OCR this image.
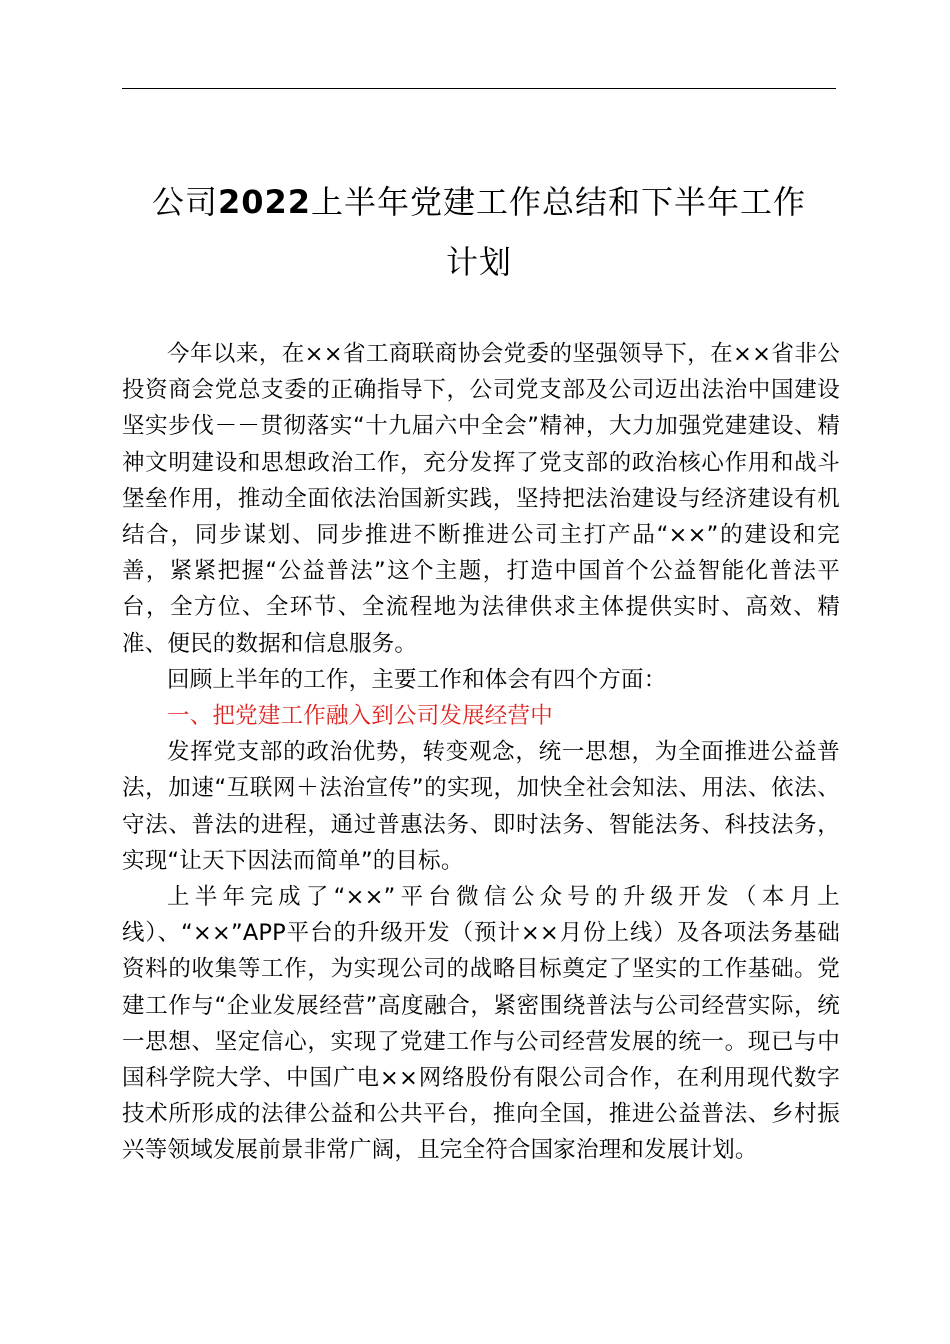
公司2022上半年党建工作总结和下半年工作
计划

今年以来，在××省工商联商协会党委的坚强领导下，在××省非公投资商会党总支委的正确指导下，公司党支部及公司迈出法治中国建设坚实步伐－－贯彻落实“十九届六中全会”精神，大力加强党建建设、精神文明建设和思想政治工作，充分发挥了党支部的政治核心作用和战斗堡垒作用，推动全面依法治国新实践，坚持把法治建设与经济建设有机结合，同步谋划、同步推进不断推进公司主打产品“××”的建设和完善，紧紧把握“公益普法”这个主题，打造中国首个公益智能化普法平台，全方位、全环节、全流程地为法律供求主体提供实时、高效、精准、便民的数据和信息服务。

回顾上半年的工作，主要工作和体会有四个方面：

一、把党建工作融入到公司发展经营中

发挥党支部的政治优势，转变观念，统一思想，为全面推进公益普法，加速“互联网＋法治宣传”的实现，加快全社会知法、用法、依法、守法、普法的进程，通过普惠法务、即时法务、智能法务、科技法务，实现“让天下因法而简单”的目标。

上半年完成了“××”平台微信公众号的升级开发（本月上线）、“××”APP平台的升级开发（预计××月份上线）及各项法务基础资料的收集等工作，为实现公司的战略目标奠定了坚实的工作基础。党建工作与“企业发展经营”高度融合，紧密围绕普法与公司经营实际，统一思想、坚定信心，实现了党建工作与公司经营发展的统一。现已与中国科学院大学、中国广电××网络股份有限公司合作，在利用现代数字技术所形成的法律公益和公共平台，推向全国，推进公益普法、乡村振兴等领域发展前景非常广阔，且完全符合国家治理和发展计划。
